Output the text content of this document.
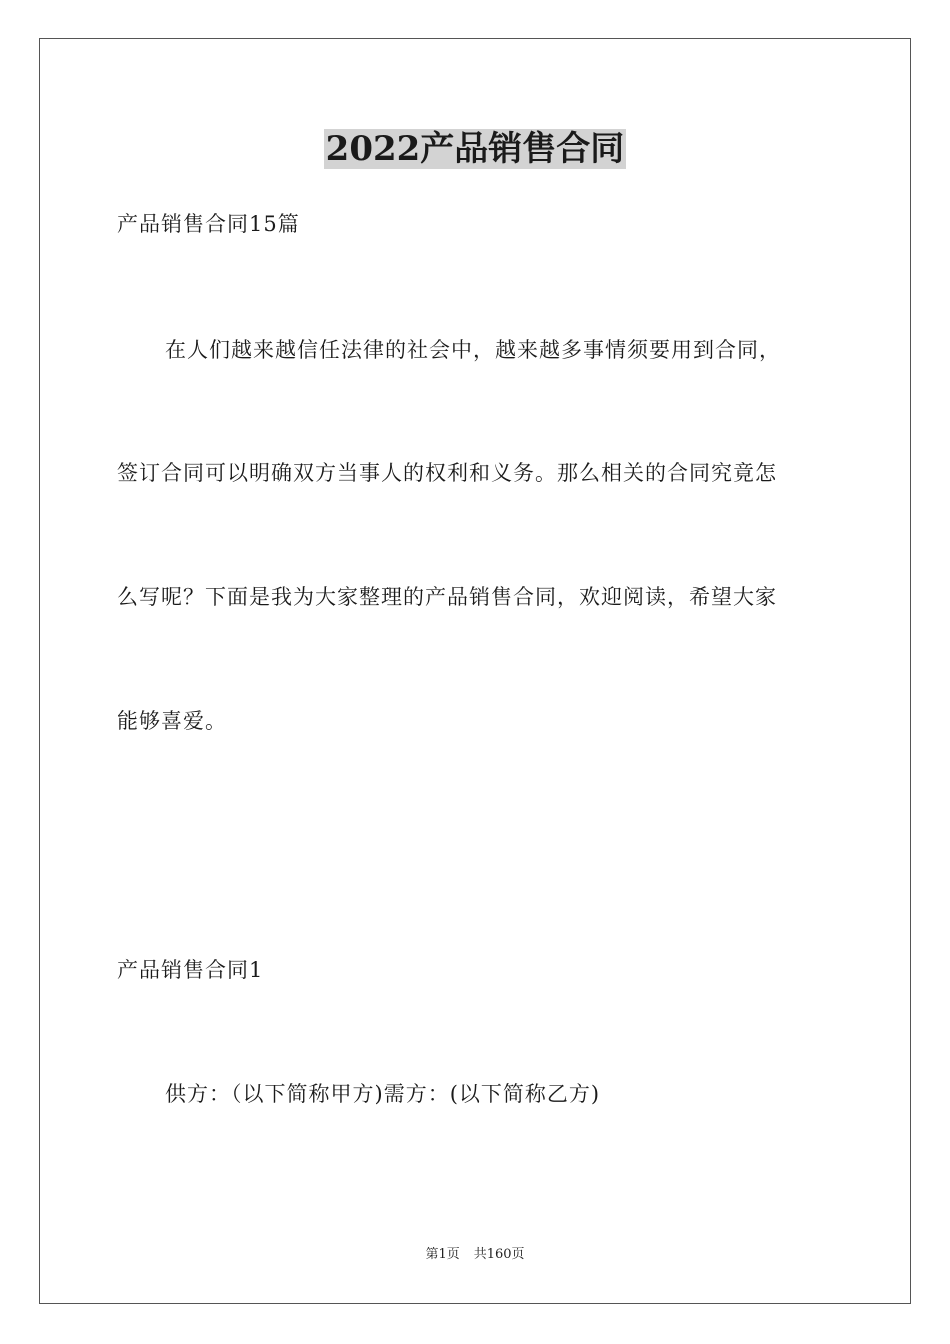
2022产品销售合同
产品销售合同15篇
在人们越来越信任法律的社会中，越来越多事情须要用到合同，
签订合同可以明确双方当事人的权利和义务。那么相关的合同究竟怎
么写呢？下面是我为大家整理的产品销售合同，欢迎阅读，希望大家
能够喜爱。
产品销售合同1
供方：（以下简称甲方)需方：(以下简称乙方)
第1页 共160页
